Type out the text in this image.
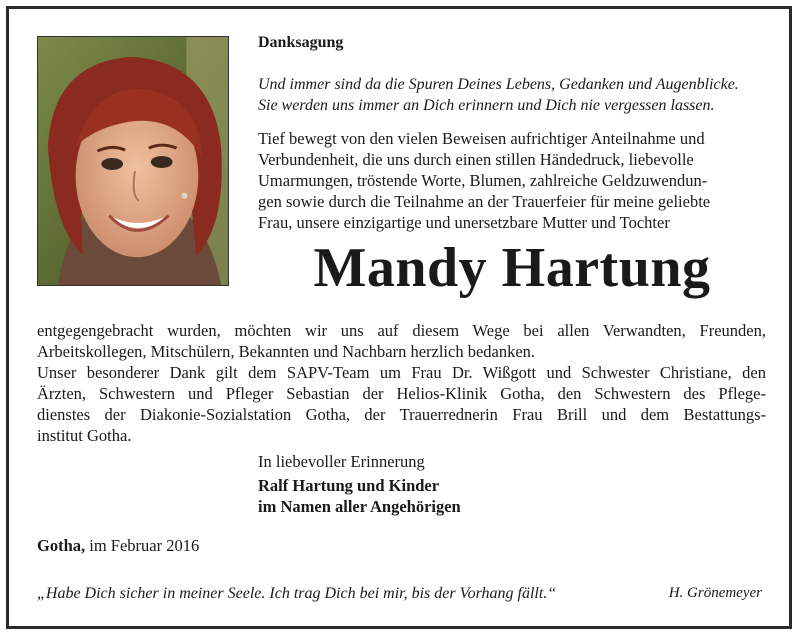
Danksagung
Und immer sind da die Spuren Deines Lebens, Gedanken und Augenblicke.
Sie werden uns immer an Dich erinnern und Dich nie vergessen lassen.
Tief bewegt von den vielen Beweisen aufrichtiger Anteilnahme und
Verbundenheit, die uns durch einen stillen Händedruck, liebevolle
Umarmungen, tröstende Worte, Blumen, zahlreiche Geldzuwendun-
gen sowie durch die Teilnahme an der Trauerfeier für meine geliebte
Frau, unsere einzigartige und unersetzbare Mutter und Tochter
Mandy Hartung
entgegengebracht wurden, möchten wir uns auf diesem Wege bei allen Verwandten, Freunden,
Arbeitskollegen, Mitschülern, Bekannten und Nachbarn herzlich bedanken.
Unser besonderer Dank gilt dem SAPV-Team um Frau Dr. Wißgott und Schwester Christiane, den
Ärzten, Schwestern und Pfleger Sebastian der Helios-Klinik Gotha, den Schwestern des Pflege-
dienstes der Diakonie-Sozialstation Gotha, der Trauerrednerin Frau Brill und dem Bestattungs-
institut Gotha.
In liebevoller Erinnerung
Ralf Hartung und Kinder
im Namen aller Angehörigen
Gotha, im Februar 2016
„Habe Dich sicher in meiner Seele. Ich trag Dich bei mir, bis der Vorhang fällt.“	H. Grönemeyer
